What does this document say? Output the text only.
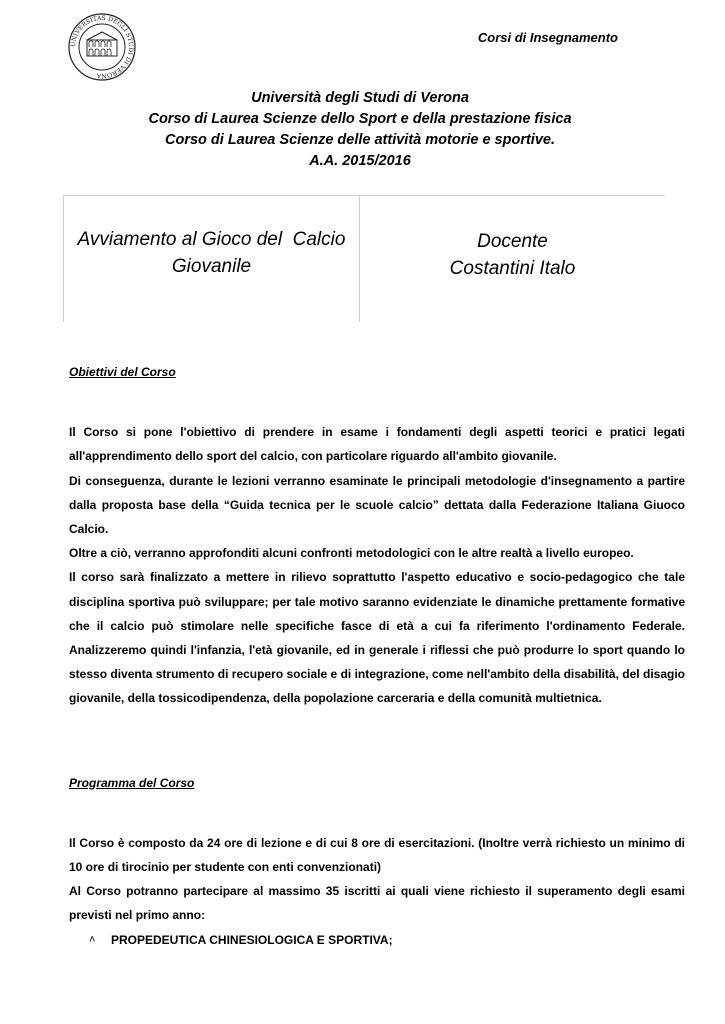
UNIVERSITAS DEGLI STUDI DI VERONA
Corsi di Insegnamento
Università degli Studi di Verona
Corso di Laurea Scienze dello Sport e della prestazione fisica
Corso di Laurea Scienze delle attività motorie e sportive.
A.A. 2015/2016
Avviamento al Gioco del  Calcio
Giovanile
Docente
Costantini Italo
Obiettivi del Corso

Il Corso si pone l'obiettivo di prendere in esame i fondamenti degli aspetti teorici e pratici legati all'apprendimento dello sport del calcio, con particolare riguardo all'ambito giovanile.

Di conseguenza, durante le lezioni verranno esaminate le principali metodologie d'insegnamento a partire dalla proposta base della “Guida tecnica per le scuole calcio” dettata dalla Federazione Italiana Giuoco Calcio.

Oltre a ciò, verranno approfonditi alcuni confronti metodologici con le altre realtà a livello europeo.

Il corso sarà finalizzato a mettere in rilievo soprattutto l'aspetto educativo e socio-pedagogico che tale disciplina sportiva può sviluppare; per tale motivo saranno evidenziate le dinamiche prettamente formative che il calcio può stimolare nelle specifiche fasce di età a cui fa riferimento l'ordinamento Federale. Analizzeremo quindi l'infanzia, l'età giovanile, ed in generale i riflessi che può produrre lo sport quando lo stesso diventa strumento di recupero sociale e di integrazione, come nell'ambito della disabilità, del disagio giovanile, della tossicodipendenza, della popolazione carceraria e della comunità multietnica.

Programma del Corso

Il Corso è composto da 24 ore di lezione e di cui 8 ore di esercitazioni. (Inoltre verrà richiesto un minimo di 10 ore di tirocinio per studente con enti convenzionati)

Al Corso potranno partecipare al massimo 35 iscritti ai quali viene richiesto il superamento degli esami previsti nel primo anno:

˄	PROPEDEUTICA CHINESIOLOGICA E SPORTIVA;
